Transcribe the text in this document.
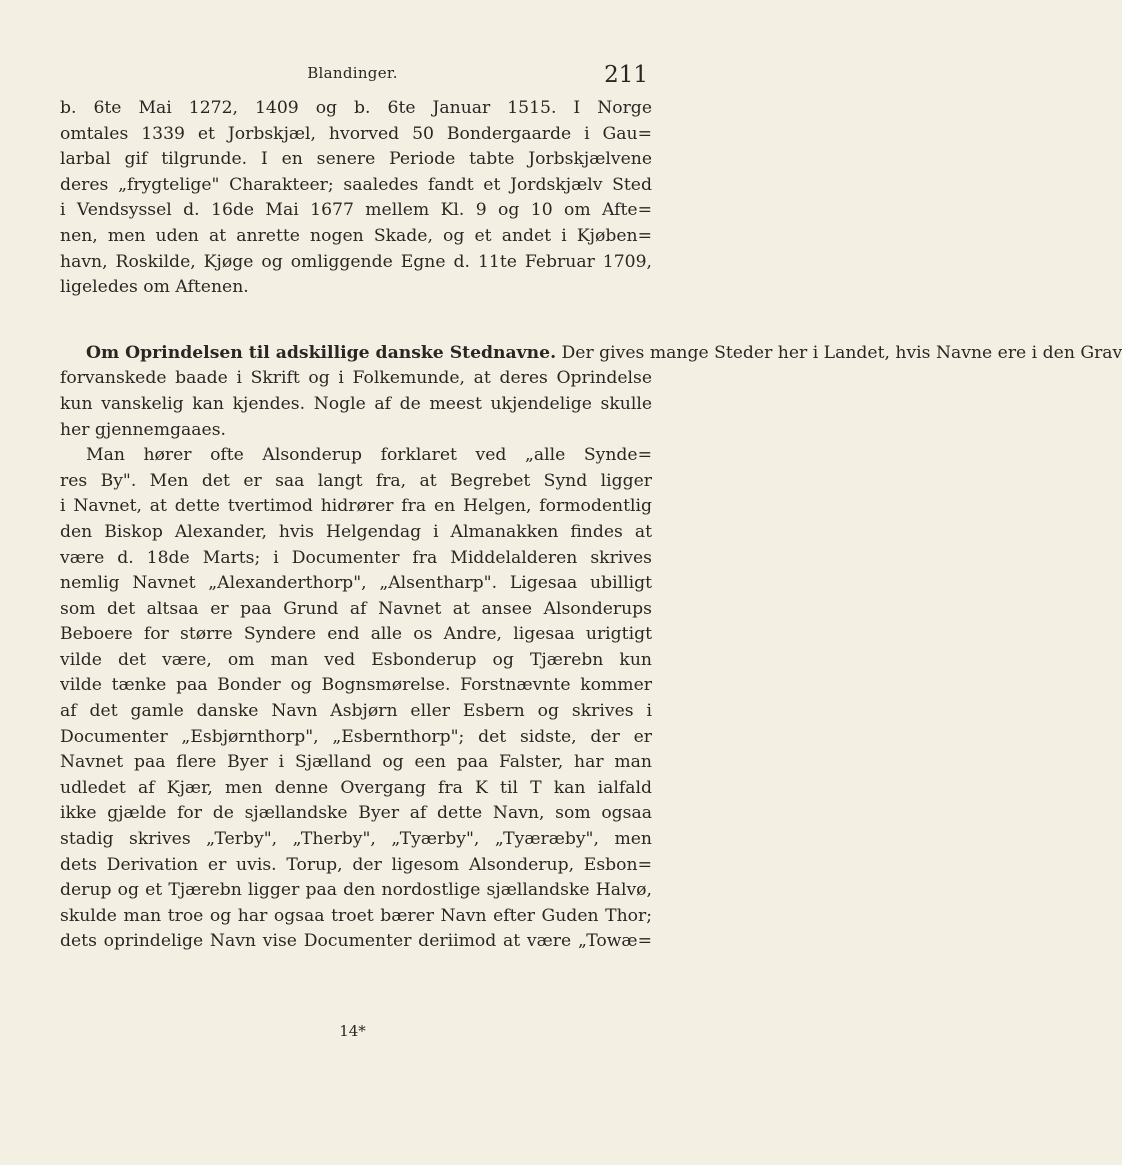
Blandinger.	211
b. 6te Mai 1272, 1409 og b. 6te Januar 1515. I Norge
omtales 1339 et Jorbskjæl, hvorved 50 Bondergaarde i Gau=
larbal gif tilgrunde. I en senere Periode tabte Jorbskjælvene
deres „frygtelige" Charakteer; saaledes fandt et Jordskjælv Sted
i Vendsyssel d. 16de Mai 1677 mellem Kl. 9 og 10 om Afte=
nen, men uden at anrette nogen Skade, og et andet i Kjøben=
havn, Roskilde, Kjøge og omliggende Egne d. 11te Februar 1709,
ligeledes om Aftenen.
Om Oprindelsen til adskillige danske Stednavne. Der gives mange Steder her i Landet, hvis Navne ere i den Grav
forvanskede baade i Skrift og i Folkemunde, at deres Oprindelse
kun vanskelig kan kjendes. Nogle af de meest ukjendelige skulle
her gjennemgaaes.
Man hører ofte Alsonderup forklaret ved „alle Synde=
res By". Men det er saa langt fra, at Begrebet Synd ligger
i Navnet, at dette tvertimod hidrører fra en Helgen, formodentlig
den Biskop Alexander, hvis Helgendag i Almanakken findes at
være d. 18de Marts; i Documenter fra Middelalderen skrives
nemlig Navnet „Alexanderthorp", „Alsentharp". Ligesaa ubilligt
som det altsaa er paa Grund af Navnet at ansee Alsonderups
Beboere for større Syndere end alle os Andre, ligesaa urigtigt
vilde det være, om man ved Esbonderup og Tjærebn kun
vilde tænke paa Bonder og Bognsmørelse. Forstnævnte kommer
af det gamle danske Navn Asbjørn eller Esbern og skrives i
Documenter „Esbjørnthorp", „Esbernthorp"; det sidste, der er
Navnet paa flere Byer i Sjælland og een paa Falster, har man
udledet af Kjær, men denne Overgang fra K til T kan ialfald
ikke gjælde for de sjællandske Byer af dette Navn, som ogsaa
stadig skrives „Terby", „Therby", „Tyærby", „Tyæræby", men
dets Derivation er uvis. Torup, der ligesom Alsonderup, Esbon=
derup og et Tjærebn ligger paa den nordostlige sjællandske Halvø,
skulde man troe og har ogsaa troet bærer Navn efter Guden Thor;
dets oprindelige Navn vise Documenter deriimod at være „Towæ=
14*
